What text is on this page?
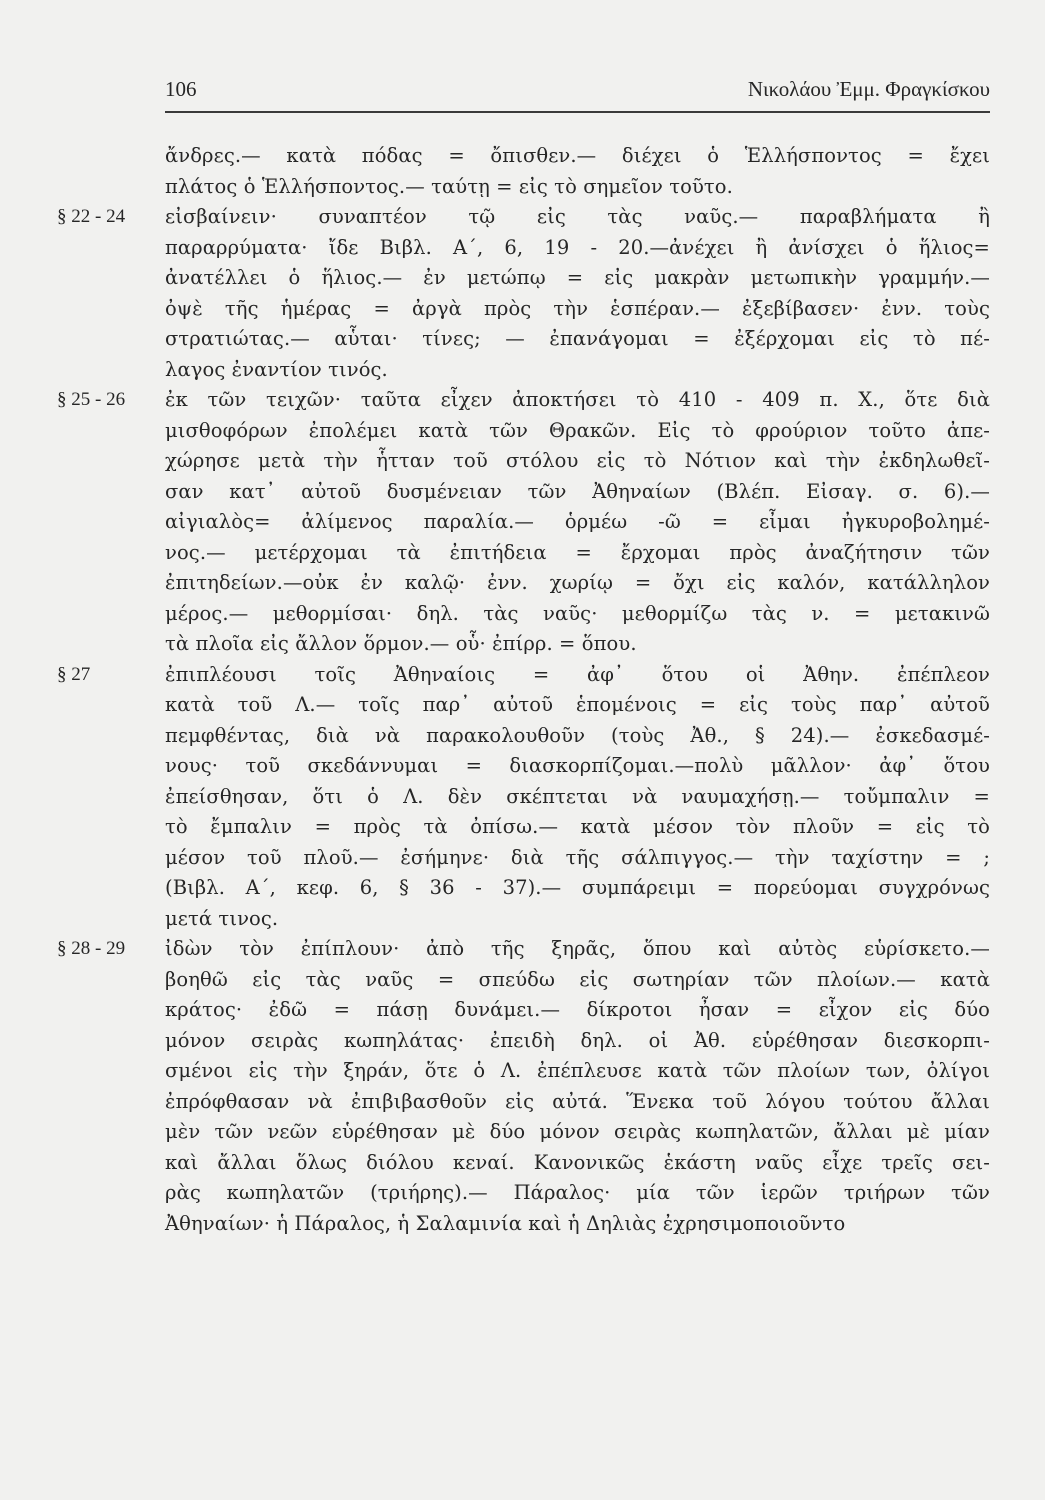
106	Νικολάου Ἐμμ. Φραγκίσκου
ἄνδρες.— κατὰ πόδας = ὄπισθεν.— διέχει ὁ Ἑλλήσποντος = ἔχει
πλάτος ὁ Ἑλλήσποντος.— ταύτῃ = εἰς τὸ σημεῖον τοῦτο.
§ 22 - 24 εἰσβαίνειν· συναπτέον τῷ εἰς τὰς ναῦς.— παραβλήματα ἢ
παραρρύματα· ἴδε Βιβλ. Α΄, 6, 19 - 20.—ἀνέχει ἢ ἀνίσχει ὁ ἥλιος=
ἀνατέλλει ὁ ἥλιος.— ἐν μετώπῳ = εἰς μακρὰν μετωπικὴν γραμμήν.—
ὀψὲ τῆς ἡμέρας = ἀργὰ πρὸς τὴν ἑσπέραν.— ἐξεβίβασεν· ἐνν. τοὺς
στρατιώτας.— αὗται· τίνες; — ἐπανάγομαι = ἐξέρχομαι εἰς τὸ πέ-
λαγος ἐναντίον τινός.
§ 25 - 26 ἐκ τῶν τειχῶν· ταῦτα εἶχεν ἀποκτήσει τὸ 410 - 409 π. Χ., ὅτε διὰ
μισθοφόρων ἐπολέμει κατὰ τῶν Θρακῶν. Εἰς τὸ φρούριον τοῦτο ἀπε-
χώρησε μετὰ τὴν ἧτταν τοῦ στόλου εἰς τὸ Νότιον καὶ τὴν ἐκδηλωθεῖ-
σαν κατ᾽ αὐτοῦ δυσμένειαν τῶν Ἀθηναίων (Βλέπ. Εἰσαγ. σ. 6).—
αἰγιαλὸς= ἀλίμενος παραλία.— ὁρμέω -ῶ = εἶμαι ἠγκυροβολημέ-
νος.— μετέρχομαι τὰ ἐπιτήδεια = ἔρχομαι πρὸς ἀναζήτησιν τῶν
ἐπιτηδείων.—οὐκ ἐν καλῷ· ἐνν. χωρίῳ = ὄχι εἰς καλόν, κατάλληλον
μέρος.— μεθορμίσαι· δηλ. τὰς ναῦς· μεθορμίζω τὰς ν. = μετακινῶ
τὰ πλοῖα εἰς ἄλλον ὅρμον.— οὗ· ἐπίρρ. = ὅπου.
§ 27	ἐπιπλέουσι τοῖς Ἀθηναίοις = ἀφ᾽ ὅτου οἱ Ἀθην. ἐπέπλεον
κατὰ τοῦ Λ.— τοῖς παρ᾽ αὐτοῦ ἑπομένοις = εἰς τοὺς παρ᾽ αὐτοῦ
πεμφθέντας, διὰ νὰ παρακολουθοῦν (τοὺς Ἀθ., § 24).— ἐσκεδασμέ-
νους· τοῦ σκεδάννυμαι = διασκορπίζομαι.—πολὺ μᾶλλον· ἀφ᾽ ὅτου
ἐπείσθησαν, ὅτι ὁ Λ. δὲν σκέπτεται νὰ ναυμαχήσῃ.— τοὔμπαλιν =
τὸ ἔμπαλιν = πρὸς τὰ ὀπίσω.— κατὰ μέσον τὸν πλοῦν = εἰς τὸ
μέσον τοῦ πλοῦ.— ἐσήμηνε· διὰ τῆς σάλπιγγος.— τὴν ταχίστην = ;
(Βιβλ. Α΄, κεφ. 6, § 36 - 37).— συμπάρειμι = πορεύομαι συγχρόνως
μετά τινος.
§ 28 - 29 ἰδὼν τὸν ἐπίπλουν· ἀπὸ τῆς ξηρᾶς, ὅπου καὶ αὐτὸς εὑρίσκετο.—
βοηθῶ εἰς τὰς ναῦς = σπεύδω εἰς σωτηρίαν τῶν πλοίων.— κατὰ
κράτος· ἐδῶ = πάσῃ δυνάμει.— δίκροτοι ἦσαν = εἶχον εἰς δύο
μόνον σειρὰς κωπηλάτας· ἐπειδὴ δηλ. οἱ Ἀθ. εὑρέθησαν διεσκορπι-
σμένοι εἰς τὴν ξηράν, ὅτε ὁ Λ. ἐπέπλευσε κατὰ τῶν πλοίων των, ὀλίγοι
ἐπρόφθασαν νὰ ἐπιβιβασθοῦν εἰς αὐτά. Ἕνεκα τοῦ λόγου τούτου ἄλλαι
μὲν τῶν νεῶν εὑρέθησαν μὲ δύο μόνον σειρὰς κωπηλατῶν, ἄλλαι μὲ μίαν
καὶ ἄλλαι ὅλως διόλου κεναί. Κανονικῶς ἑκάστη ναῦς εἶχε τρεῖς σει-
ρὰς κωπηλατῶν (τριήρης).— Πάραλος· μία τῶν ἱερῶν τριήρων τῶν
Ἀθηναίων· ἡ Πάραλος, ἡ Σαλαμινία καὶ ἡ Δηλιὰς ἐχρησιμοποιοῦντο
